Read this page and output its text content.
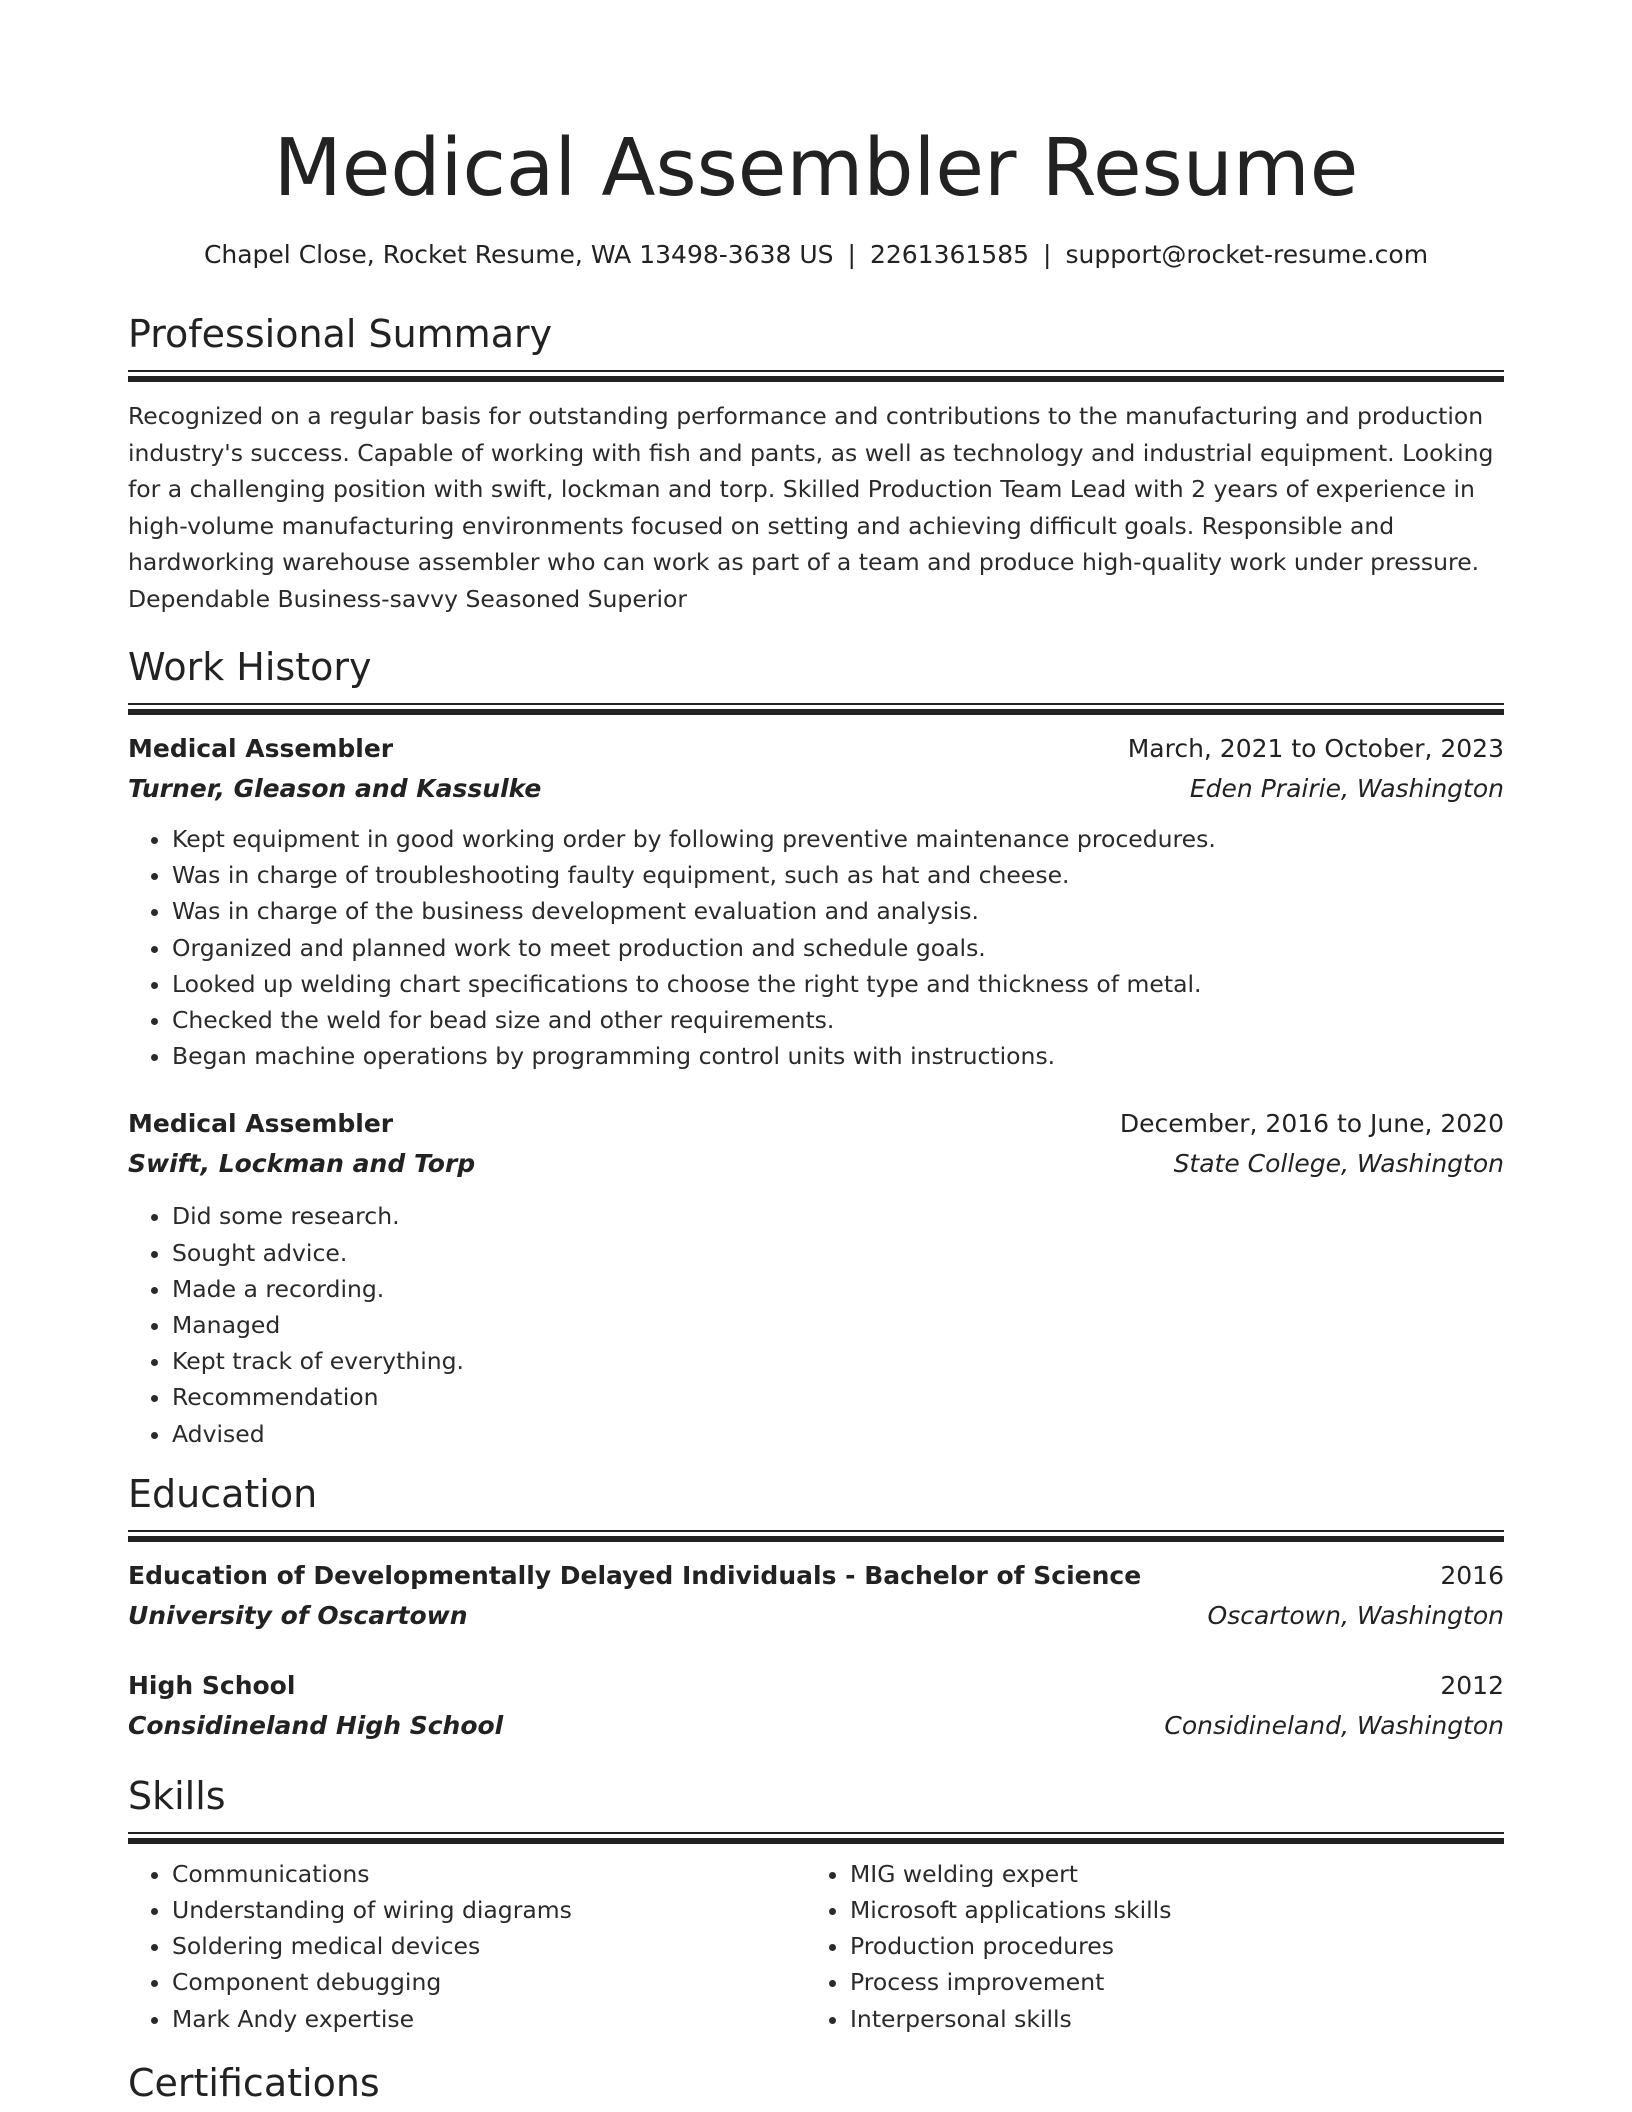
Medical Assembler Resume
Chapel Close, Rocket Resume, WA 13498-3638 US | 2261361585 | support@rocket-resume.com
Professional Summary
Recognized on a regular basis for outstanding performance and contributions to the manufacturing and production industry's success. Capable of working with fish and pants, as well as technology and industrial equipment. Looking for a challenging position with swift, lockman and torp. Skilled Production Team Lead with 2 years of experience in high-volume manufacturing environments focused on setting and achieving difficult goals. Responsible and hardworking warehouse assembler who can work as part of a team and produce high-quality work under pressure. Dependable Business-savvy Seasoned Superior
Work History
Medical Assembler	March, 2021 to October, 2023
Turner, Gleason and Kassulke	Eden Prairie, Washington
• Kept equipment in good working order by following preventive maintenance procedures.
• Was in charge of troubleshooting faulty equipment, such as hat and cheese.
• Was in charge of the business development evaluation and analysis.
• Organized and planned work to meet production and schedule goals.
• Looked up welding chart specifications to choose the right type and thickness of metal.
• Checked the weld for bead size and other requirements.
• Began machine operations by programming control units with instructions.
Medical Assembler	December, 2016 to June, 2020
Swift, Lockman and Torp	State College, Washington
• Did some research.
• Sought advice.
• Made a recording.
• Managed
• Kept track of everything.
• Recommendation
• Advised
Education
Education of Developmentally Delayed Individuals - Bachelor of Science	2016
University of Oscartown	Oscartown, Washington
High School	2012
Considineland High School	Considineland, Washington
Skills
• Communications
• Understanding of wiring diagrams
• Soldering medical devices
• Component debugging
• Mark Andy expertise
• MIG welding expert
• Microsoft applications skills
• Production procedures
• Process improvement
• Interpersonal skills
Certifications
